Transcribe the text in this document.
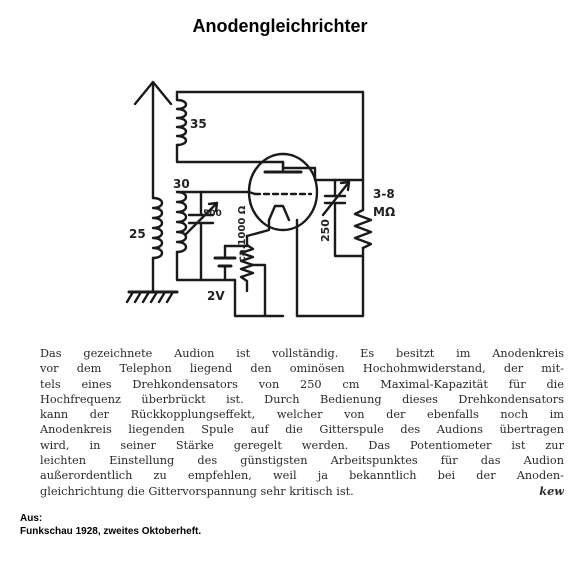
Anodengleichrichter
35
30
25
500 ca.1000 Ω
2V
250
3-8
MΩ
Das gezeichnete Audion ist vollständig. Es besitzt im Anodenkreis
vor dem Telephon liegend den ominösen Hochohmwiderstand, der mit-
tels eines Drehkondensators von 250 cm Maximal-Kapazität für die
Hochfrequenz überbrückt ist. Durch Bedienung dieses Drehkondensators
kann der Rückkopplungseffekt, welcher von der ebenfalls noch im
Anodenkreis liegenden Spule auf die Gitterspule des Audions übertragen
wird, in seiner Stärke geregelt werden. Das Potentiometer ist zur
leichten Einstellung des günstigsten Arbeitspunktes für das Audion
außerordentlich zu empfehlen, weil ja bekanntlich bei der Anoden-
gleichrichtung die Gittervorspannung sehr kritisch ist.	kew
Aus:
Funkschau 1928, zweites Oktoberheft.
